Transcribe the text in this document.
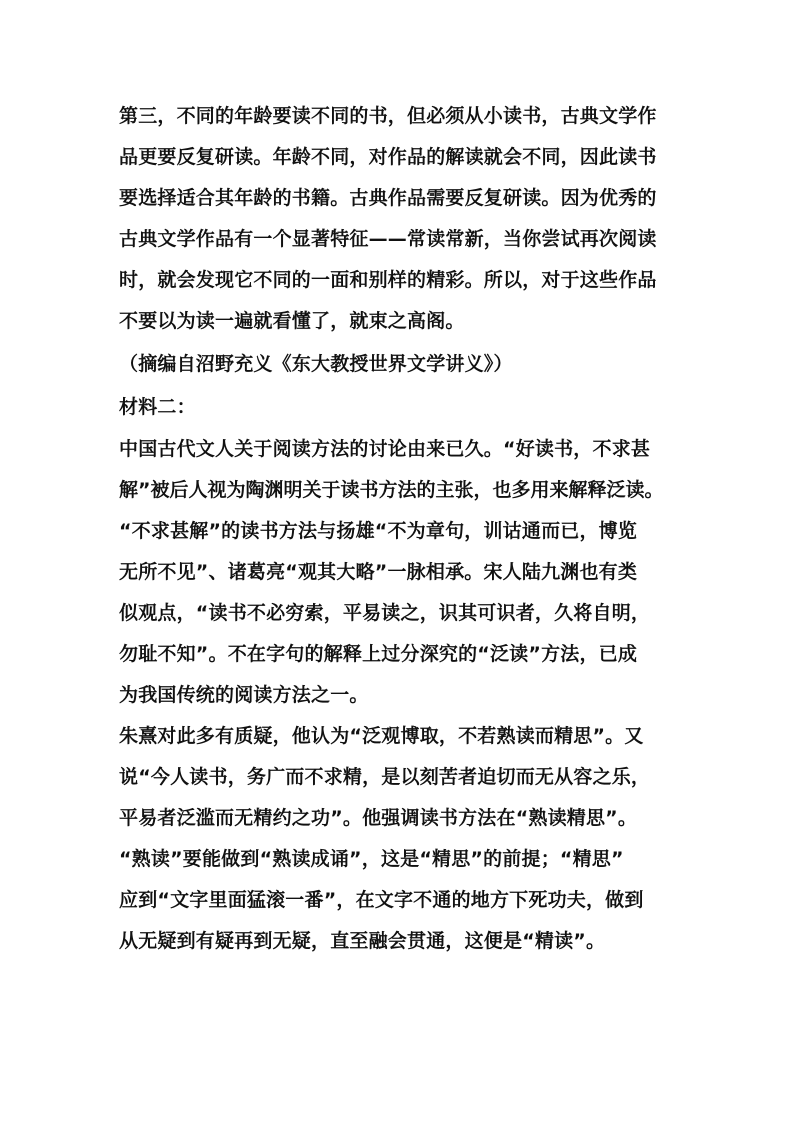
第三，不同的年龄要读不同的书，但必须从小读书，古典文学作
品更要反复研读。年龄不同，对作品的解读就会不同，因此读书
要选择适合其年龄的书籍。古典作品需要反复研读。因为优秀的
古典文学作品有一个显著特征——常读常新，当你尝试再次阅读
时，就会发现它不同的一面和别样的精彩。所以，对于这些作品
不要以为读一遍就看懂了，就束之高阁。
（摘编自沼野充义《东大教授世界文学讲义》）
材料二：
中国古代文人关于阅读方法的讨论由来已久。“好读书，不求甚
解”被后人视为陶渊明关于读书方法的主张，也多用来解释泛读。
“不求甚解”的读书方法与扬雄“不为章句，训诂通而已，博览
无所不见”、诸葛亮“观其大略”一脉相承。宋人陆九渊也有类
似观点，“读书不必穷索，平易读之，识其可识者，久将自明，
勿耻不知”。不在字句的解释上过分深究的“泛读”方法，已成
为我国传统的阅读方法之一。
朱熹对此多有质疑，他认为“泛观博取，不若熟读而精思”。又
说“今人读书，务广而不求精，是以刻苦者迫切而无从容之乐，
平易者泛滥而无精约之功”。他强调读书方法在“熟读精思”。
“熟读”要能做到“熟读成诵”，这是“精思”的前提；“精思”
应到“文字里面猛滚一番”，在文字不通的地方下死功夫，做到
从无疑到有疑再到无疑，直至融会贯通，这便是“精读”。
